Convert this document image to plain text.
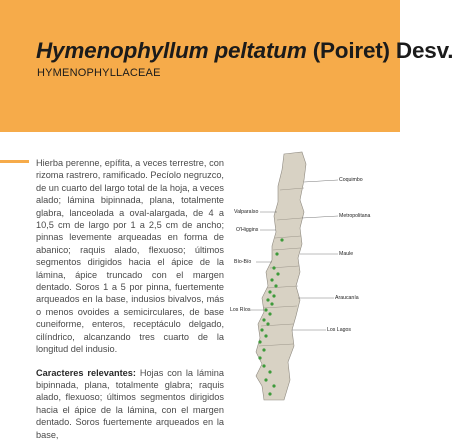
Hymenophyllum peltatum (Poiret) Desv.
HYMENOPHYLLACEAE

Hierba perenne, epífita, a veces terrestre, con rizoma rastrero, ramificado. Pecíolo negruzco, de un cuarto del largo total de la hoja, a veces alado; lámina bipinnada, plana, totalmente glabra, lanceolada a oval-alargada, de 4 a 10,5 cm de largo por 1 a 2,5 cm de ancho; pinnas levemente arqueadas en forma de abanico; raquis alado, flexuoso; últimos segmentos dirigidos hacia el ápice de la lámina, ápice truncado con el margen dentado. Soros 1 a 5 por pinna, fuertemente arqueados en la base, indusios bivalvos, más o menos ovoides a semicirculares, de base cuneiforme, enteros, receptáculo delgado, cilíndrico, alcanzando tres cuarto de la longitud del indusio.

Caracteres relevantes: Hojas con la lámina bipinnada, plana, totalmente glabra; raquis alado, flexuoso; últimos segmentos dirigidos hacia el ápice de la lámina, con el margen dentado. Soros fuertemente arqueados en la base,

Coquimbo
Valparaíso
Metropolitana
O'Higgins
Maule
Bío-Bío
Araucanía
Los Ríos
Los Lagos
